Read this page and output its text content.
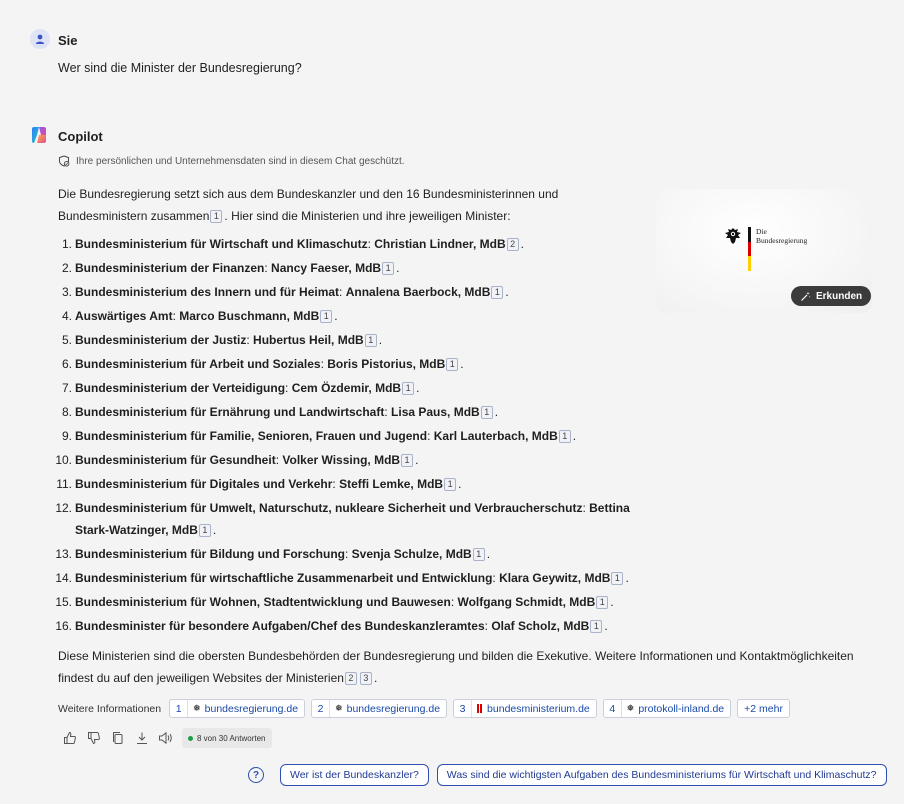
Sie
Wer sind die Minister der Bundesregierung?
Copilot
Ihre persönlichen und Unternehmensdaten sind in diesem Chat geschützt.
Die Bundesregierung setzt sich aus dem Bundeskanzler und den 16 Bundesministerinnen und Bundesministern zusammen 1 . Hier sind die Ministerien und ihre jeweiligen Minister:
1. Bundesministerium für Wirtschaft und Klimaschutz: Christian Lindner, MdB 2 .
2. Bundesministerium der Finanzen: Nancy Faeser, MdB 1 .
3. Bundesministerium des Innern und für Heimat: Annalena Baerbock, MdB 1 .
4. Auswärtiges Amt: Marco Buschmann, MdB 1 .
5. Bundesministerium der Justiz: Hubertus Heil, MdB 1 .
6. Bundesministerium für Arbeit und Soziales: Boris Pistorius, MdB 1 .
7. Bundesministerium der Verteidigung: Cem Özdemir, MdB 1 .
8. Bundesministerium für Ernährung und Landwirtschaft: Lisa Paus, MdB 1 .
9. Bundesministerium für Familie, Senioren, Frauen und Jugend: Karl Lauterbach, MdB 1 .
10. Bundesministerium für Gesundheit: Volker Wissing, MdB 1 .
11. Bundesministerium für Digitales und Verkehr: Steffi Lemke, MdB 1 .
12. Bundesministerium für Umwelt, Naturschutz, nukleare Sicherheit und Verbraucherschutz: Bettina Stark-Watzinger, MdB 1 .
13. Bundesministerium für Bildung und Forschung: Svenja Schulze, MdB 1 .
14. Bundesministerium für wirtschaftliche Zusammenarbeit und Entwicklung: Klara Geywitz, MdB 1 .
15. Bundesministerium für Wohnen, Stadtentwicklung und Bauwesen: Wolfgang Schmidt, MdB 1 .
16. Bundesminister für besondere Aufgaben/Chef des Bundeskanzleramtes: Olaf Scholz, MdB 1 .
Die
Bundesregierung
Erkunden
Diese Ministerien sind die obersten Bundesbehörden der Bundesregierung und bilden die Exekutive. Weitere Informationen und Kontaktmöglichkeiten findest du auf den jeweiligen Websites der Ministerien 2 3 .
Weitere Informationen	1	❅ bundesregierung.de	2	❅ bundesregierung.de	3	bundesministerium.de	4	❅ protokoll-inland.de	+2 mehr
8 von 30 Antworten
?	Wer ist der Bundeskanzler?	Was sind die wichtigsten Aufgaben des Bundesministeriums für Wirtschaft und Klimaschutz?
